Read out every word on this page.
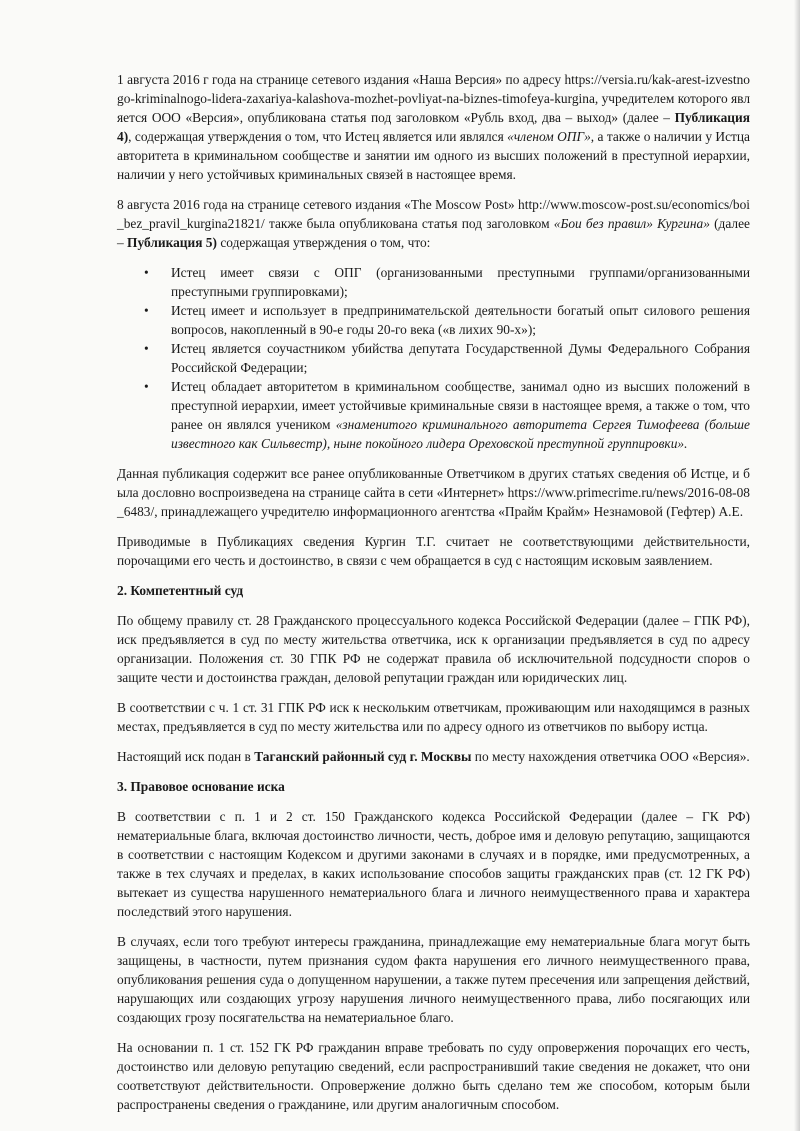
1 августа 2016 г года на странице сетевого издания «Наша Версия» по адресу https://versia.ru/kak-arest-izvestnogo-kriminalnogo-lidera-zaxariya-kalashova-mozhet-povliyat-na-biznes-timofeya-kurgina, учредителем которого является ООО «Версия», опубликована статья под заголовком «Рубль вход, два – выход» (далее – Публикация 4), содержащая утверждения о том, что Истец является или являлся «членом ОПГ», а также о наличии у Истца авторитета в криминальном сообществе и занятии им одного из высших положений в преступной иерархии, наличии у него устойчивых криминальных связей в настоящее время.

8 августа 2016 года на странице сетевого издания «The Moscow Post» http://www.moscow-post.su/economics/boi_bez_pravil_kurgina21821/ также была опубликована статья под заголовком «Бои без правил» Кургина» (далее – Публикация 5) содержащая утверждения о том, что:

• Истец имеет связи с ОПГ (организованными преступными группами/организованными преступными группировками);
• Истец имеет и использует в предпринимательской деятельности богатый опыт силового решения вопросов, накопленный в 90-е годы 20-го века («в лихих 90-х»);
• Истец является соучастником убийства депутата Государственной Думы Федерального Собрания Российской Федерации;
• Истец обладает авторитетом в криминальном сообществе, занимал одно из высших положений в преступной иерархии, имеет устойчивые криминальные связи в настоящее время, а также о том, что ранее он являлся учеником «знаменитого криминального авторитета Сергея Тимофеева (больше известного как Сильвестр), ныне покойного лидера Ореховской преступной группировки».

Данная публикация содержит все ранее опубликованные Ответчиком в других статьях сведения об Истце, и была дословно воспроизведена на странице сайта в сети «Интернет» https://www.primecrime.ru/news/2016-08-08_6483/, принадлежащего учредителю информационного агентства «Прайм Крайм» Незнамовой (Гефтер) А.Е.

Приводимые в Публикациях сведения Кургин Т.Г. считает не соответствующими действительности, порочащими его честь и достоинство, в связи с чем обращается в суд с настоящим исковым заявлением.

2. Компетентный суд

По общему правилу ст. 28 Гражданского процессуального кодекса Российской Федерации (далее – ГПК РФ), иск предъявляется в суд по месту жительства ответчика, иск к организации предъявляется в суд по адресу организации. Положения ст. 30 ГПК РФ не содержат правила об исключительной подсудности споров о защите чести и достоинства граждан, деловой репутации граждан или юридических лиц.

В соответствии с ч. 1 ст. 31 ГПК РФ иск к нескольким ответчикам, проживающим или находящимся в разных местах, предъявляется в суд по месту жительства или по адресу одного из ответчиков по выбору истца.

Настоящий иск подан в Таганский районный суд г. Москвы по месту нахождения ответчика ООО «Версия».

3. Правовое основание иска

В соответствии с п. 1 и 2 ст. 150 Гражданского кодекса Российской Федерации (далее – ГК РФ) нематериальные блага, включая достоинство личности, честь, доброе имя и деловую репутацию, защищаются в соответствии с настоящим Кодексом и другими законами в случаях и в порядке, ими предусмотренных, а также в тех случаях и пределах, в каких использование способов защиты гражданских прав (ст. 12 ГК РФ) вытекает из существа нарушенного нематериального блага и личного неимущественного права и характера последствий этого нарушения.

В случаях, если того требуют интересы гражданина, принадлежащие ему нематериальные блага могут быть защищены, в частности, путем признания судом факта нарушения его личного неимущественного права, опубликования решения суда о допущенном нарушении, а также путем пресечения или запрещения действий, нарушающих или создающих угрозу нарушения личного неимущественного права, либо посягающих или создающих грозу посягательства на нематериальное благо.

На основании п. 1 ст. 152 ГК РФ гражданин вправе требовать по суду опровержения порочащих его честь, достоинство или деловую репутацию сведений, если распространивший такие сведения не докажет, что они соответствуют действительности. Опровержение должно быть сделано тем же способом, которым были распространены сведения о гражданине, или другим аналогичным способом.
